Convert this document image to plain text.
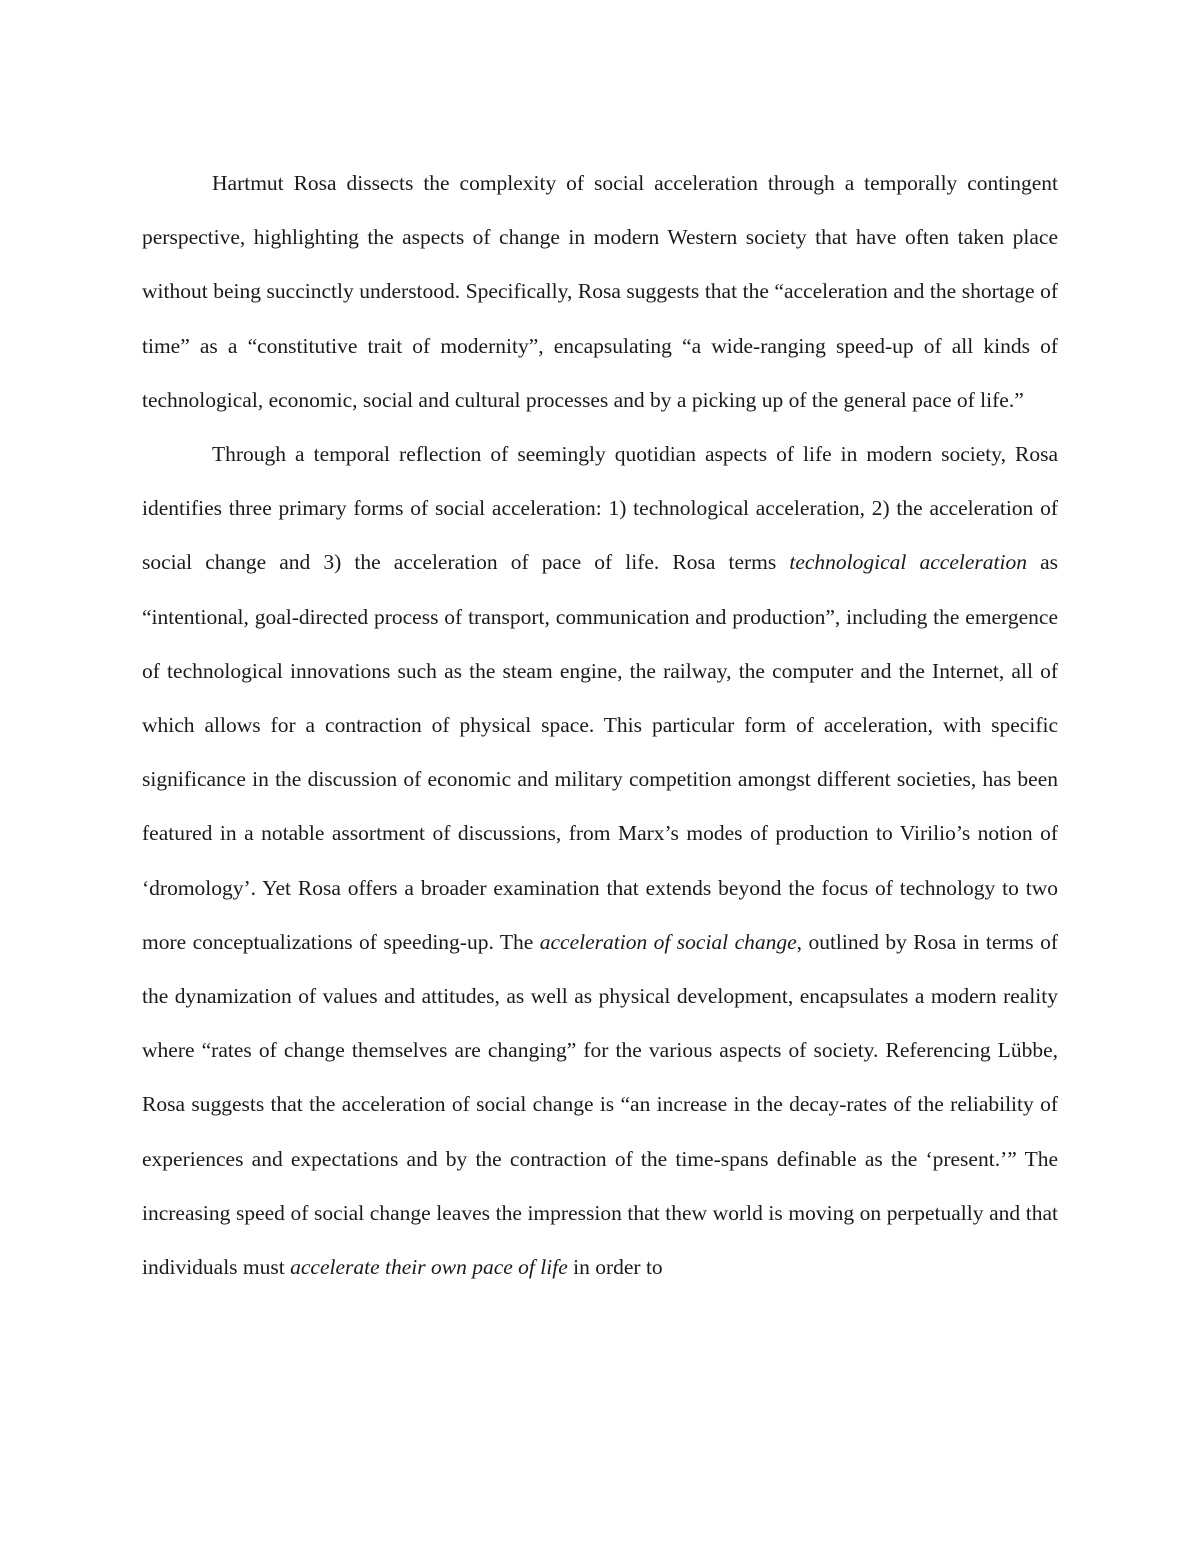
Hartmut Rosa dissects the complexity of social acceleration through a temporally contingent perspective, highlighting the aspects of change in modern Western society that have often taken place without being succinctly understood. Specifically, Rosa suggests that the “acceleration and the shortage of time” as a “constitutive trait of modernity”, encapsulating “a wide-ranging speed-up of all kinds of technological, economic, social and cultural processes and by a picking up of the general pace of life.”

Through a temporal reflection of seemingly quotidian aspects of life in modern society, Rosa identifies three primary forms of social acceleration: 1) technological acceleration, 2) the acceleration of social change and 3) the acceleration of pace of life. Rosa terms technological acceleration as “intentional, goal-directed process of transport, communication and production”, including the emergence of technological innovations such as the steam engine, the railway, the computer and the Internet, all of which allows for a contraction of physical space. This particular form of acceleration, with specific significance in the discussion of economic and military competition amongst different societies, has been featured in a notable assortment of discussions, from Marx’s modes of production to Virilio’s notion of ‘dromology’. Yet Rosa offers a broader examination that extends beyond the focus of technology to two more conceptualizations of speeding-up. The acceleration of social change, outlined by Rosa in terms of the dynamization of values and attitudes, as well as physical development, encapsulates a modern reality where “rates of change themselves are changing” for the various aspects of society. Referencing Lübbe, Rosa suggests that the acceleration of social change is “an increase in the decay-rates of the reliability of experiences and expectations and by the contraction of the time-spans definable as the ‘present.’” The increasing speed of social change leaves the impression that thew world is moving on perpetually and that individuals must accelerate their own pace of life in order to
